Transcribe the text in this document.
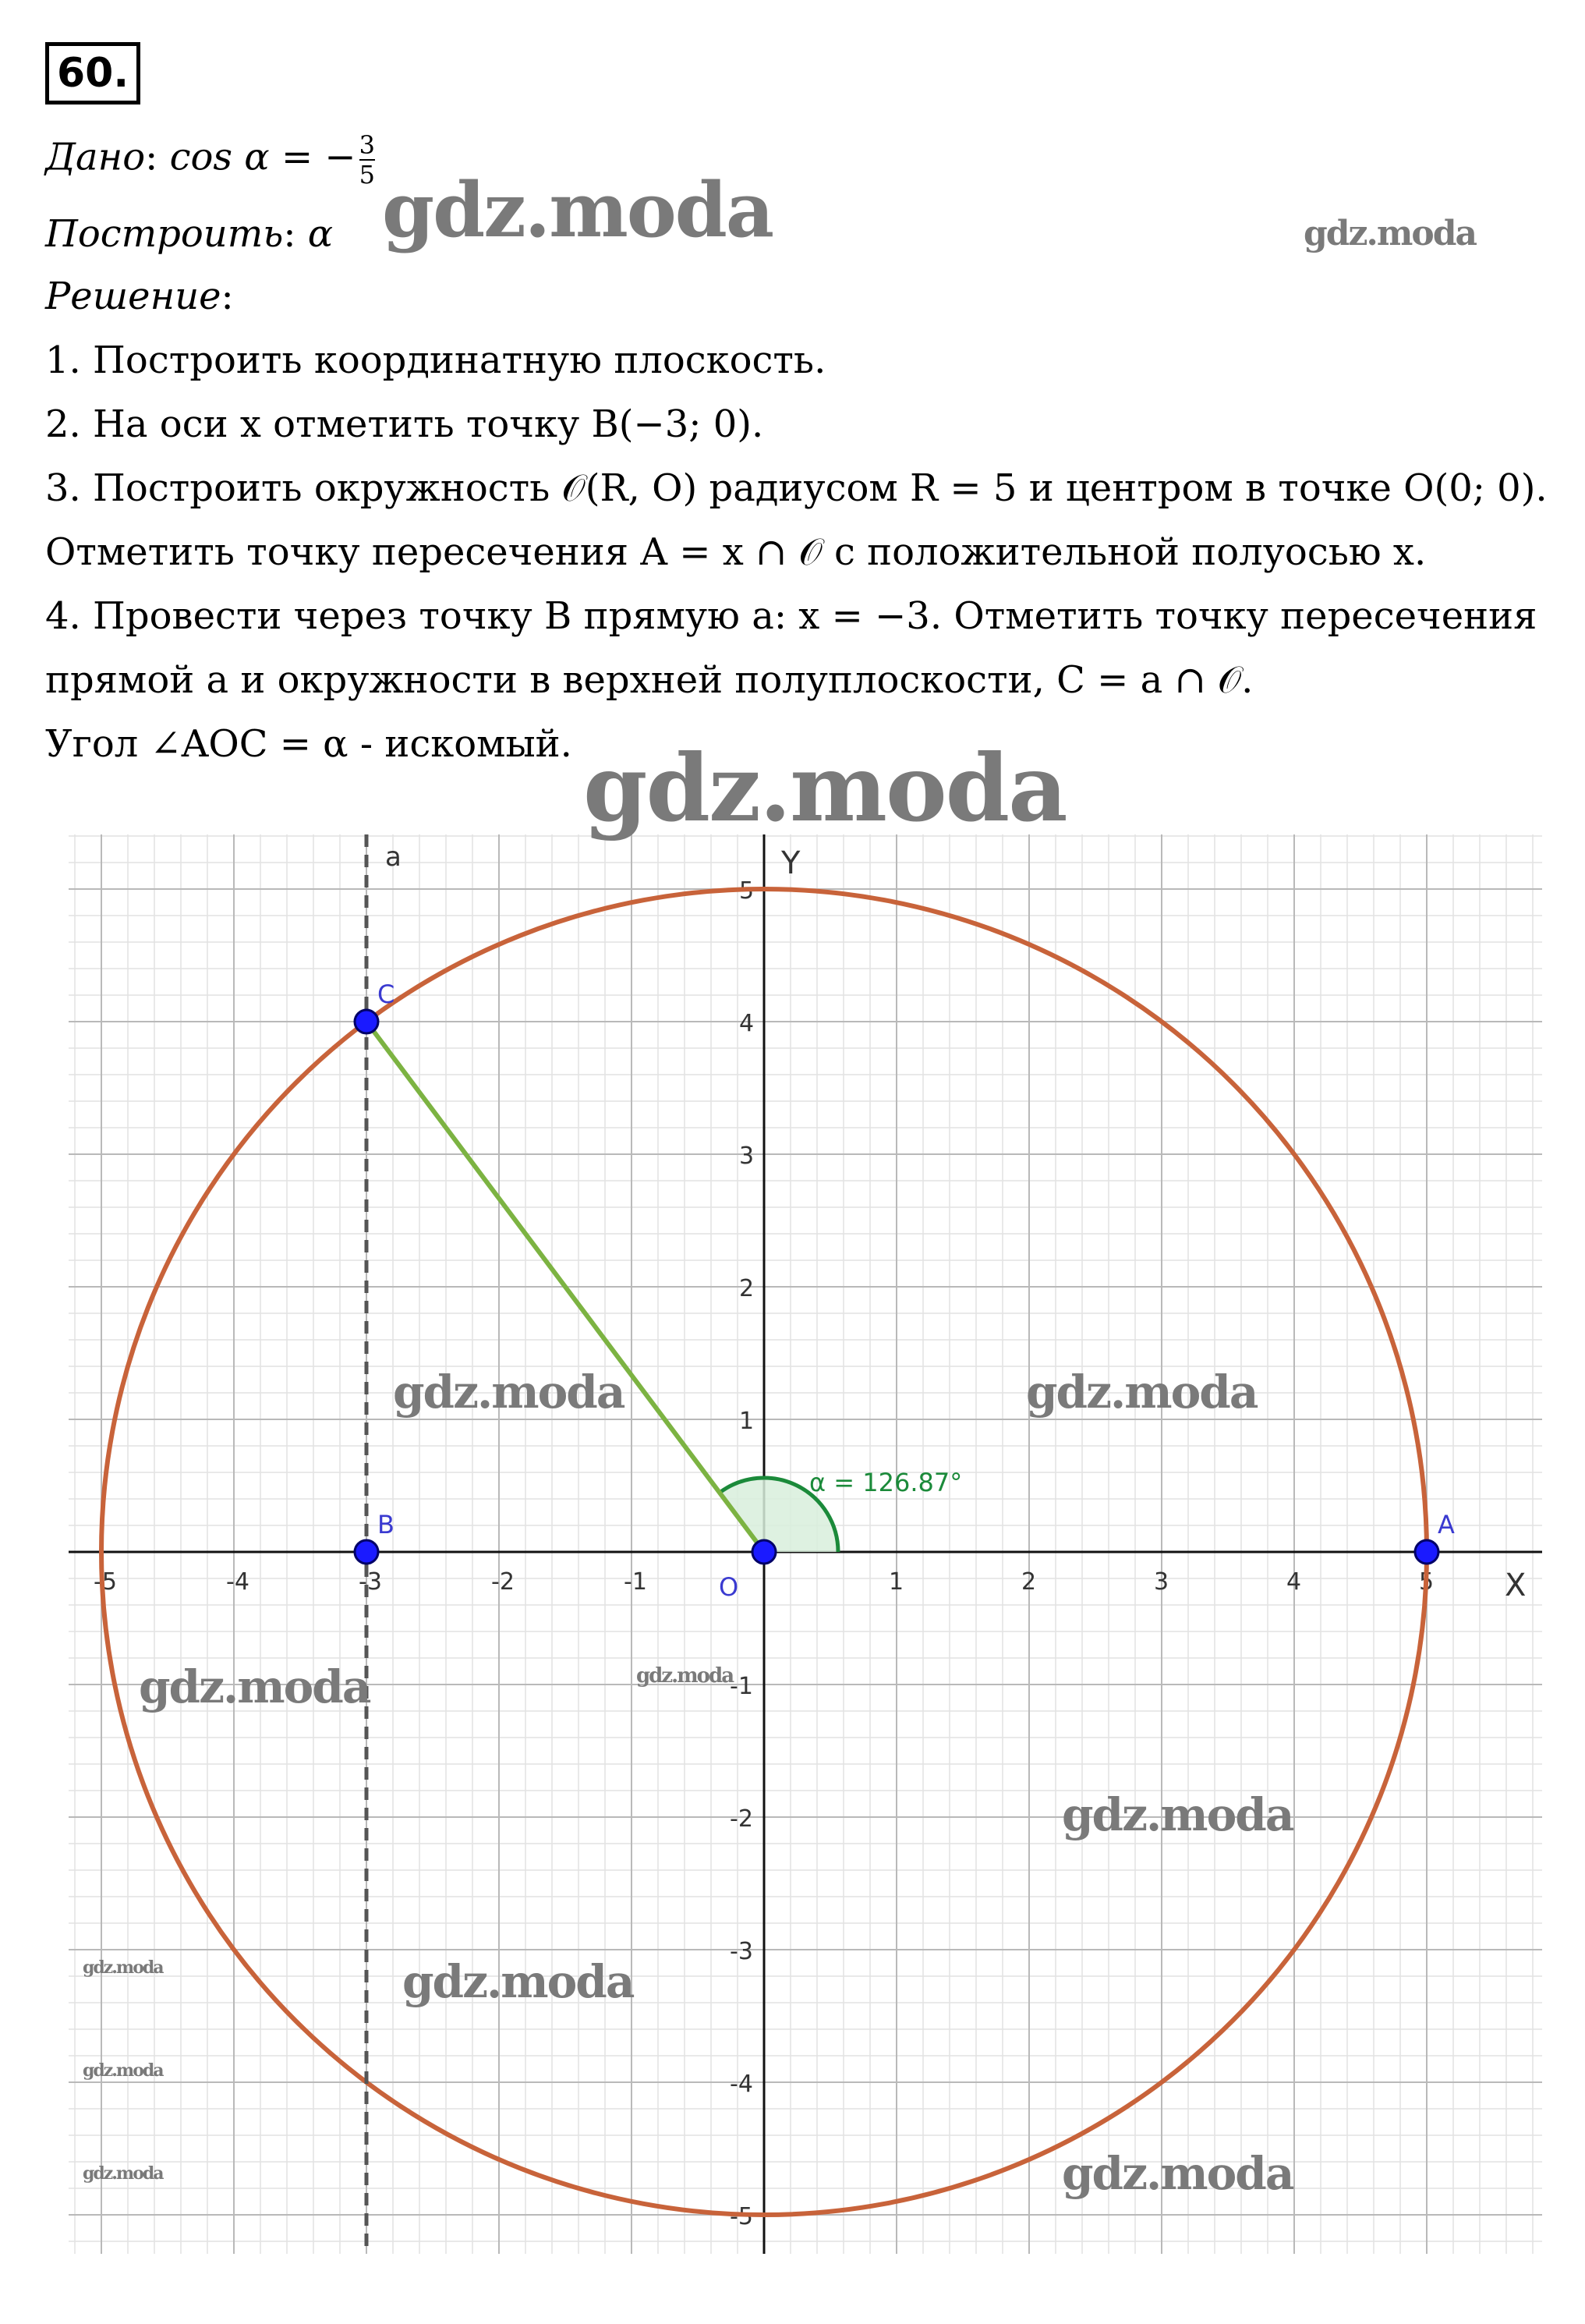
60.
Дано: cos α = − $\frac{3}{5}$
Построить: α
Решение:
1. Построить координатную плоскость.
2. На оси x отметить точку B(−3; 0).
3. Построить окружность 𝒪(R, O) радиусом R = 5 и центром в точке O(0; 0).
Отметить точку пересечения A = x ∩ 𝒪 с положительной полуосью x.
4. Провести через точку B прямую a: x = −3. Отметить точку пересечения
прямой a и окружности в верхней полуплоскости, C = a ∩ 𝒪.
Угол ∠AOC = α - искомый.
X
Y
O
-5	-4	-3	-2	-1	1	2	3	4	5
5
4
3
2
1
-1
-2
-3
-4
-5
a
α = 126.87°
C
B	A
gdz.moda	gdz.moda
gdz.moda
gdz.moda	gdz.moda
gdz.moda	gdz.moda
gdz.moda
gdz.moda
gdz.moda
gdz.moda
gdz.moda	gdz.moda
